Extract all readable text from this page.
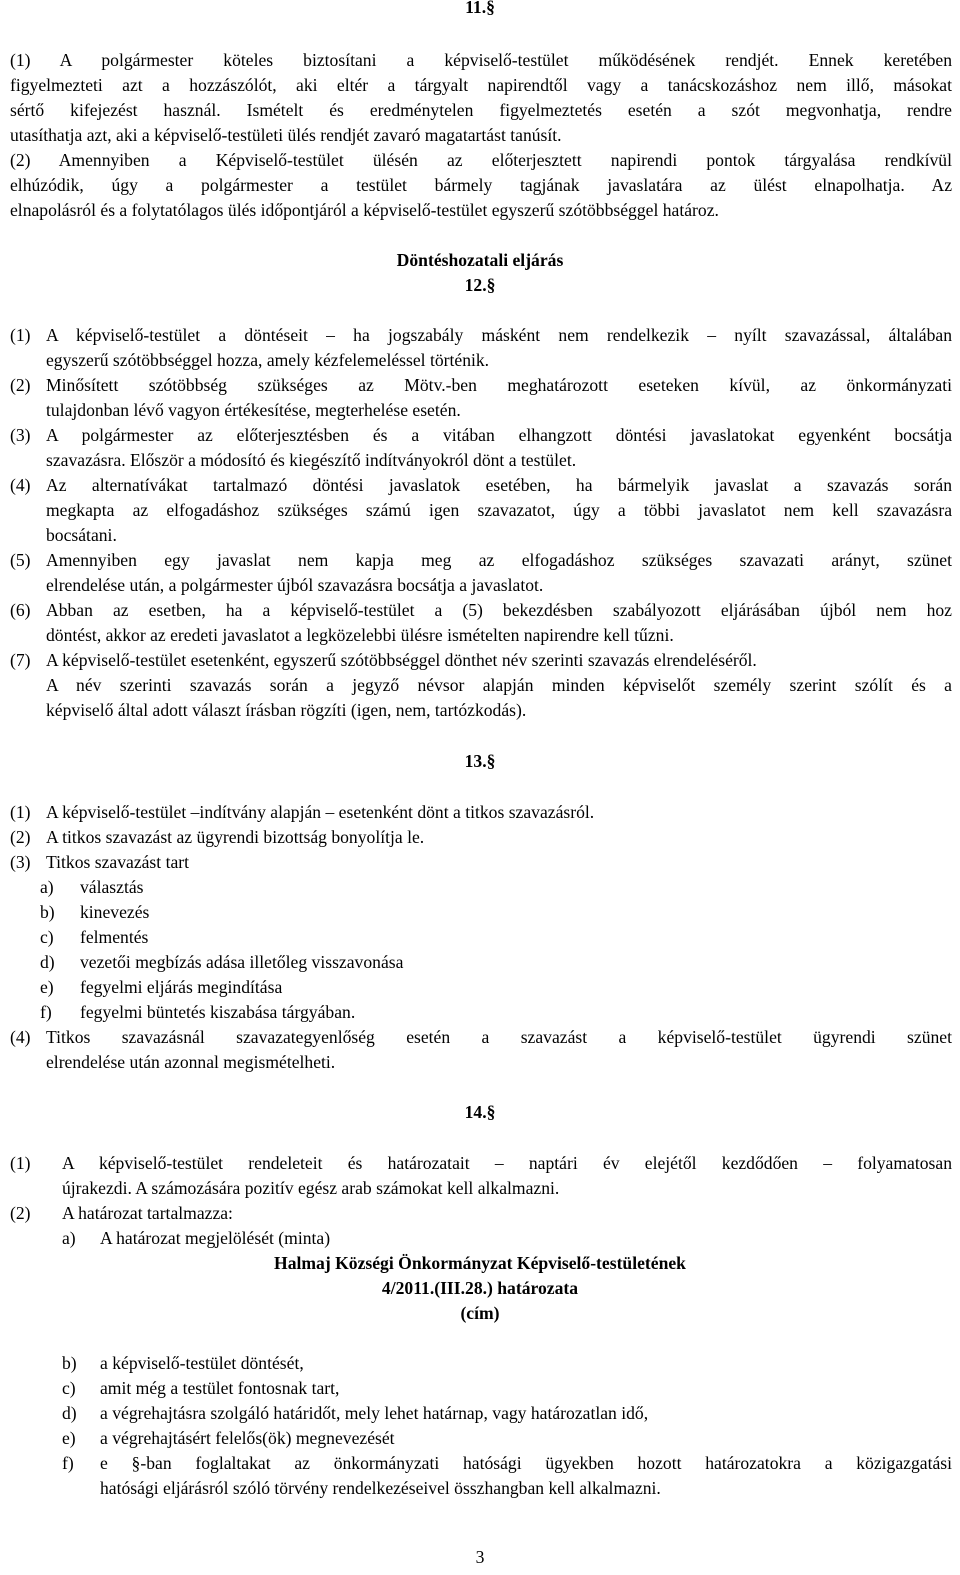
11.§
(1) A polgármester köteles biztosítani a képviselő-testület működésének rendjét. Ennek keretében
figyelmezteti azt a hozzászólót, aki eltér a tárgyalt napirendtől vagy a tanácskozáshoz nem illő, másokat
sértő kifejezést használ. Ismételt és eredménytelen figyelmeztetés esetén a szót megvonhatja, rendre
utasíthatja azt, aki a képviselő-testületi ülés rendjét zavaró magatartást tanúsít.
(2) Amennyiben a Képviselő-testület ülésén az előterjesztett napirendi pontok tárgyalása rendkívül
elhúzódik, úgy a polgármester a testület bármely tagjának javaslatára az ülést elnapolhatja. Az
elnapolásról és a folytatólagos ülés időpontjáról a képviselő-testület egyszerű szótöbbséggel határoz.
Döntéshozatali eljárás
12.§
(1) A képviselő-testület a döntéseit – ha jogszabály másként nem rendelkezik – nyílt szavazással, általában
egyszerű szótöbbséggel hozza, amely kézfelemeléssel történik.
(2) Minősített szótöbbség szükséges az Mötv.-ben meghatározott eseteken kívül, az önkormányzati
tulajdonban lévő vagyon értékesítése, megterhelése esetén.
(3) A polgármester az előterjesztésben és a vitában elhangzott döntési javaslatokat egyenként bocsátja
szavazásra. Először a módosító és kiegészítő indítványokról dönt a testület.
(4) Az alternatívákat tartalmazó döntési javaslatok esetében, ha bármelyik javaslat a szavazás során
megkapta az elfogadáshoz szükséges számú igen szavazatot, úgy a többi javaslatot nem kell szavazásra
bocsátani.
(5) Amennyiben egy javaslat nem kapja meg az elfogadáshoz szükséges szavazati arányt, szünet
elrendelése után, a polgármester újból szavazásra bocsátja a javaslatot.
(6) Abban az esetben, ha a képviselő-testület a (5) bekezdésben szabályozott eljárásában újból nem hoz
döntést, akkor az eredeti javaslatot a legközelebbi ülésre ismételten napirendre kell tűzni.
(7) A képviselő-testület esetenként, egyszerű szótöbbséggel dönthet név szerinti szavazás elrendeléséről.
A név szerinti szavazás során a jegyző névsor alapján minden képviselőt személy szerint szólít és a
képviselő által adott választ írásban rögzíti (igen, nem, tartózkodás).
13.§
(1) A képviselő-testület –indítvány alapján – esetenként dönt a titkos szavazásról.
(2) A titkos szavazást az ügyrendi bizottság bonyolítja le.
(3) Titkos szavazást tart
a) választás
b) kinevezés
c) felmentés
d) vezetői megbízás adása illetőleg visszavonása
e) fegyelmi eljárás megindítása
f) fegyelmi büntetés kiszabása tárgyában.
(4) Titkos szavazásnál szavazategyenlőség esetén a szavazást a képviselő-testület ügyrendi szünet
elrendelése után azonnal megismételheti.
14.§
(1) A képviselő-testület rendeleteit és határozatait – naptári év elejétől kezdődően – folyamatosan
újrakezdi. A számozására pozitív egész arab számokat kell alkalmazni.
(2) A határozat tartalmazza:
a) A határozat megjelölését (minta)
Halmaj Községi Önkormányzat Képviselő-testületének
4/2011.(III.28.) határozata
(cím)
b) a képviselő-testület döntését,
c) amit még a testület fontosnak tart,
d) a végrehajtásra szolgáló határidőt, mely lehet határnap, vagy határozatlan idő,
e) a végrehajtásért felelős(ök) megnevezését
f) e §-ban foglaltakat az önkormányzati hatósági ügyekben hozott határozatokra a közigazgatási
hatósági eljárásról szóló törvény rendelkezéseivel összhangban kell alkalmazni.
3
